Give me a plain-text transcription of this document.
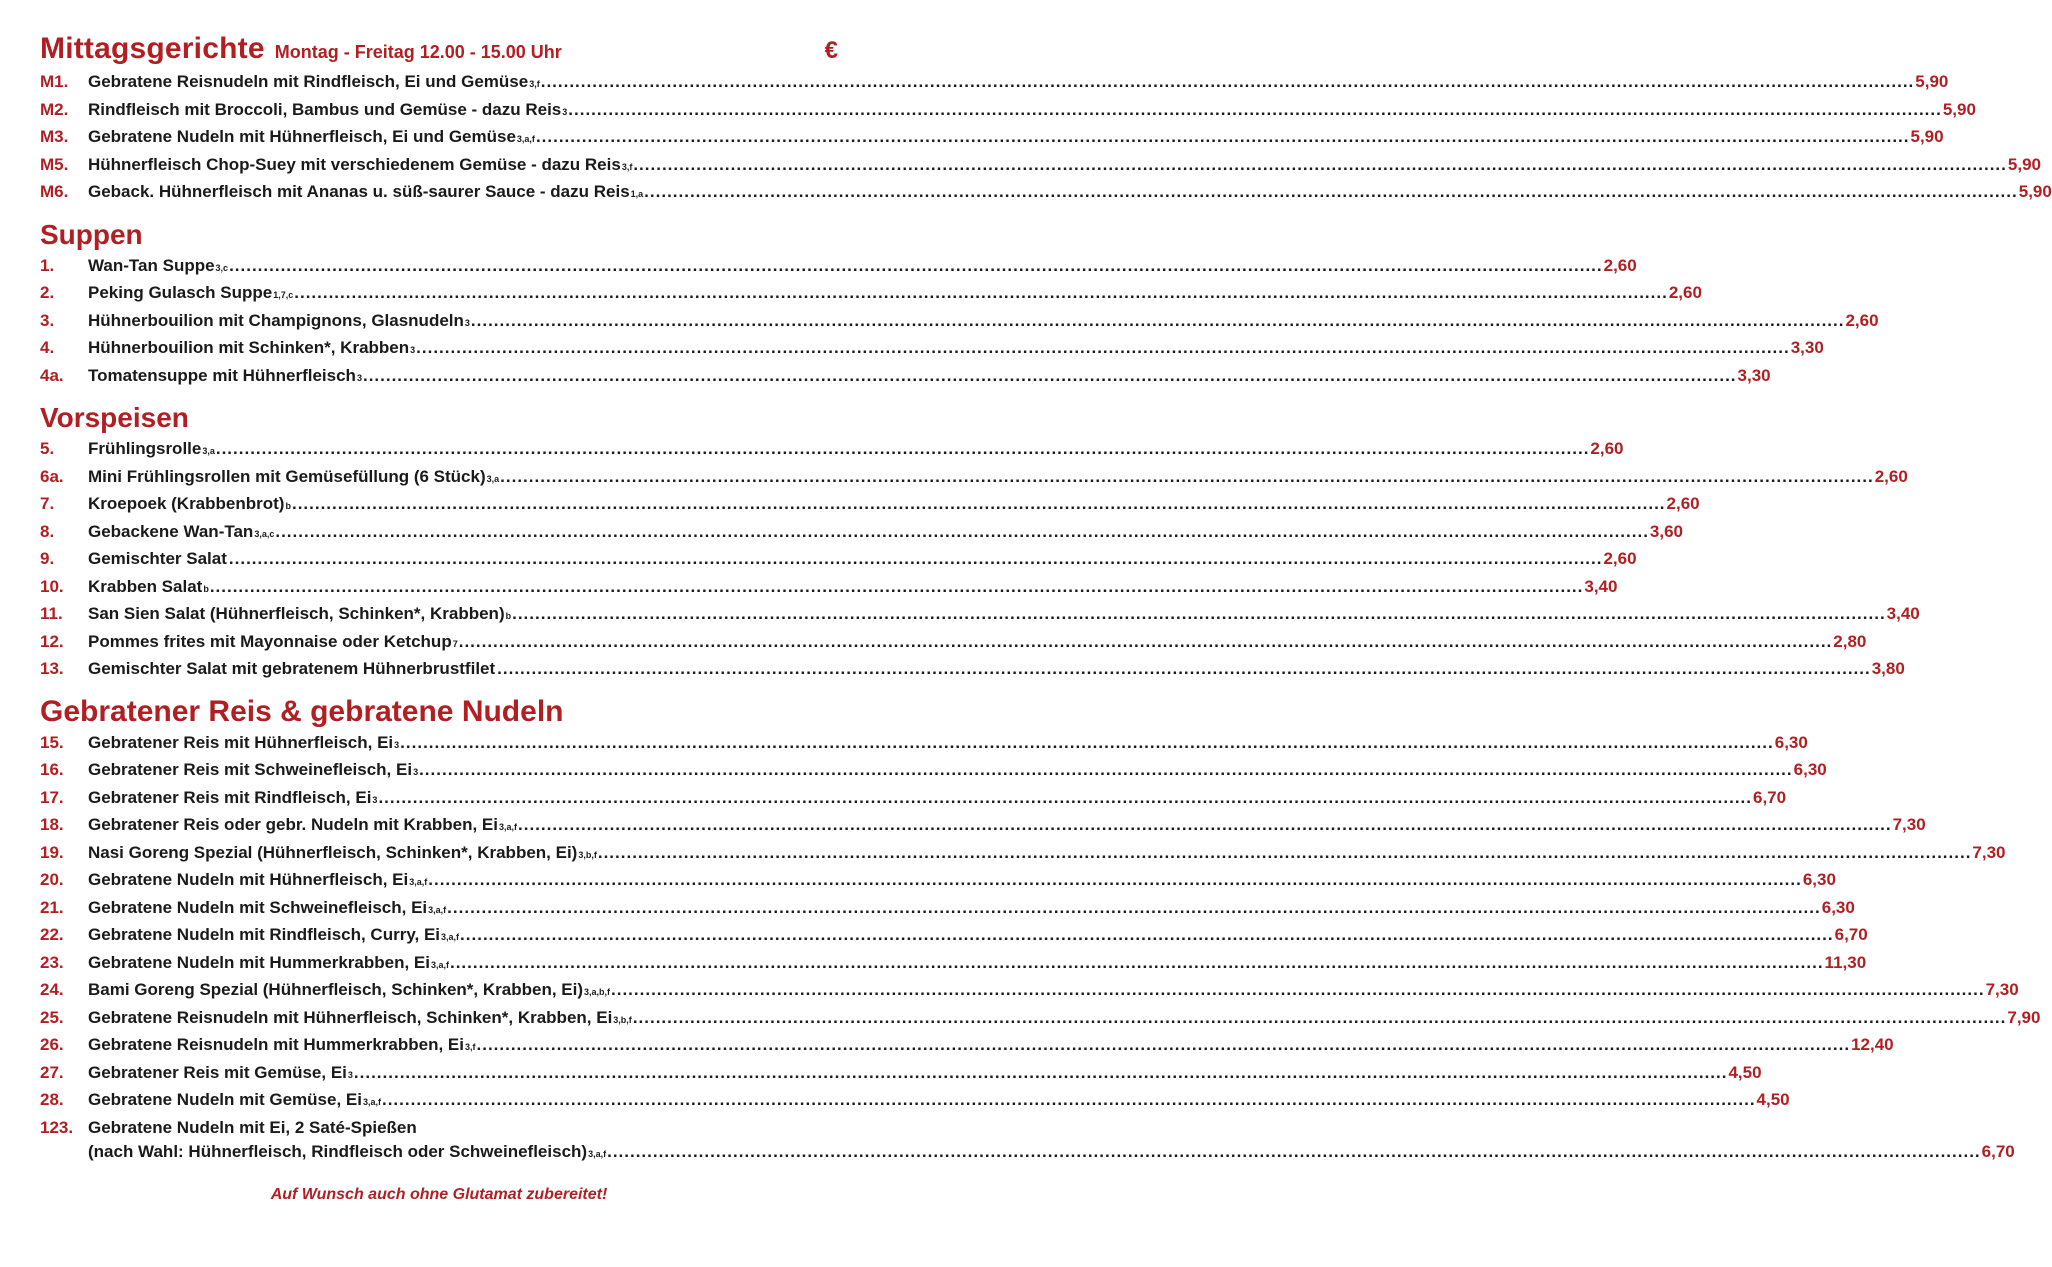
Mittagsgerichte Montag - Freitag 12.00 - 15.00 Uhr	€
M1.	Gebratene Reisnudeln mit Rindfleisch, Ei und Gemüse 3,f .....	5,90
M2.	Rindfleisch mit Broccoli, Bambus und Gemüse - dazu Reis 3 .....	5,90
M3.	Gebratene Nudeln mit Hühnerfleisch, Ei und Gemüse 3,a,f .....	5,90
M5.	Hühnerfleisch Chop-Suey mit verschiedenem Gemüse - dazu Reis 3,f .....	5,90
M6.	Geback. Hühnerfleisch mit Ananas u. süß-saurer Sauce - dazu Reis 1,a .....	5,90
Suppen
1.	Wan-Tan Suppe 3,c .....	2,60
2.	Peking Gulasch Suppe 1,7,c .....	2,60
3.	Hühnerbouilion mit Champignons, Glasnudeln 3 .....	2,60
4.	Hühnerbouilion mit Schinken*, Krabben 3 .....	3,30
4a.	Tomatensuppe mit Hühnerfleisch 3 .....	3,30
Vorspeisen
5.	Frühlingsrolle 3,a .....	2,60
6a.	Mini Frühlingsrollen mit Gemüsefüllung (6 Stück) 3,a .....	2,60
7.	Kroepoek (Krabbenbrot) b .....	2,60
8.	Gebackene Wan-Tan 3,a,c .....	3,60
9.	Gemischter Salat .....	2,60
10.	Krabben Salat b .....	3,40
11.	San Sien Salat (Hühnerfleisch, Schinken*, Krabben) b .....	3,40
12.	Pommes frites mit Mayonnaise oder Ketchup 7 .....	2,80
13.	Gemischter Salat mit gebratenem Hühnerbrustfilet .....	3,80
Gebratener Reis & gebratene Nudeln
15.	Gebratener Reis mit Hühnerfleisch, Ei 3 .....	6,30
16.	Gebratener Reis mit Schweinefleisch, Ei 3 .....	6,30
17.	Gebratener Reis mit Rindfleisch, Ei 3 .....	6,70
18.	Gebratener Reis oder gebr. Nudeln mit Krabben, Ei 3,a,f .....	7,30
19.	Nasi Goreng Spezial (Hühnerfleisch, Schinken*, Krabben, Ei) 3,b,f .....	7,30
20.	Gebratene Nudeln mit Hühnerfleisch, Ei 3,a,f .....	6,30
21.	Gebratene Nudeln mit Schweinefleisch, Ei 3,a,f .....	6,30
22.	Gebratene Nudeln mit Rindfleisch, Curry, Ei 3,a,f .....	6,70
23.	Gebratene Nudeln mit Hummerkrabben, Ei 3,a,f .....	11,30
24.	Bami Goreng Spezial (Hühnerfleisch, Schinken*, Krabben, Ei) 3,a,b,f .....	7,30
25.	Gebratene Reisnudeln mit Hühnerfleisch, Schinken*, Krabben, Ei 3,b,f .....	7,90
26.	Gebratene Reisnudeln mit Hummerkrabben, Ei 3,f .....	12,40
27.	Gebratener Reis mit Gemüse, Ei 3 .....	4,50
28.	Gebratene Nudeln mit Gemüse, Ei 3,a,f .....	4,50
123. Gebratene Nudeln mit Ei, 2 Saté-Spießen
(nach Wahl: Hühnerfleisch, Rindfleisch oder Schweinefleisch) 3,a,f .....	6,70
Auf Wunsch auch ohne Glutamat zubereitet!
